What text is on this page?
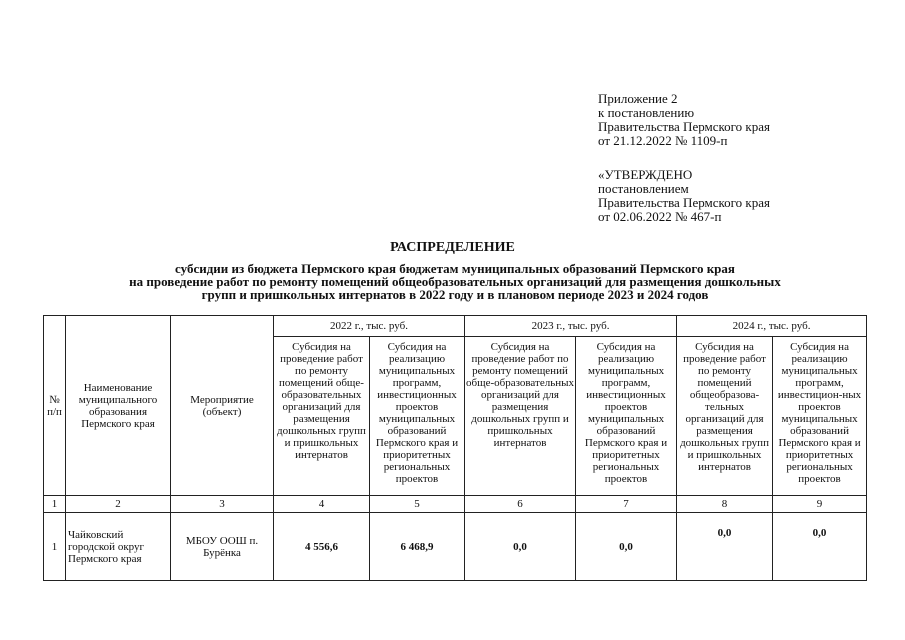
Приложение 2
к постановлению
Правительства Пермского края
от 21.12.2022 № 1109-п
«УТВЕРЖДЕНО
постановлением
Правительства Пермского края
от 02.06.2022 № 467-п
РАСПРЕДЕЛЕНИЕ
субсидии из бюджета Пермского края бюджетам муниципальных образований Пермского края
на проведение работ по ремонту помещений общеобразовательных организаций для размещения дошкольных
групп и пришкольных интернатов в 2022 году и в плановом периоде 2023 и 2024 годов
№ п/п	Наименование муниципального образования Пермского края	Мероприятие (объект)	2022 г., тыс. руб.		2023 г., тыс. руб.		2024 г., тыс. руб.	
			Субсидия на проведение работ по ремонту помещений обще-образовательных организаций для размещения дошкольных групп и пришкольных интернатов	Субсидия на реализацию муниципальных программ, инвестиционных проектов муниципальных образований Пермского края и приоритетных региональных проектов	Субсидия на проведение работ по ремонту помещений обще-образовательных организаций для размещения дошкольных групп и пришкольных интернатов	Субсидия на реализацию муниципальных программ, инвестиционных проектов муниципальных образований Пермского края и приоритетных региональных проектов	Субсидия на проведение работ по ремонту помещений общеобразова-тельных организаций для размещения дошкольных групп и пришкольных интернатов	Субсидия на реализацию муниципальных программ, инвестицион-ных проектов муниципальных образований Пермского края и приоритетных региональных проектов
1	2	3	4	5	6	7	8	9
1	Чайковский городской округ Пермского края	МБОУ ООШ п. Бурёнка	4 556,6	6 468,9	0,0	0,0	0,0	0,0
